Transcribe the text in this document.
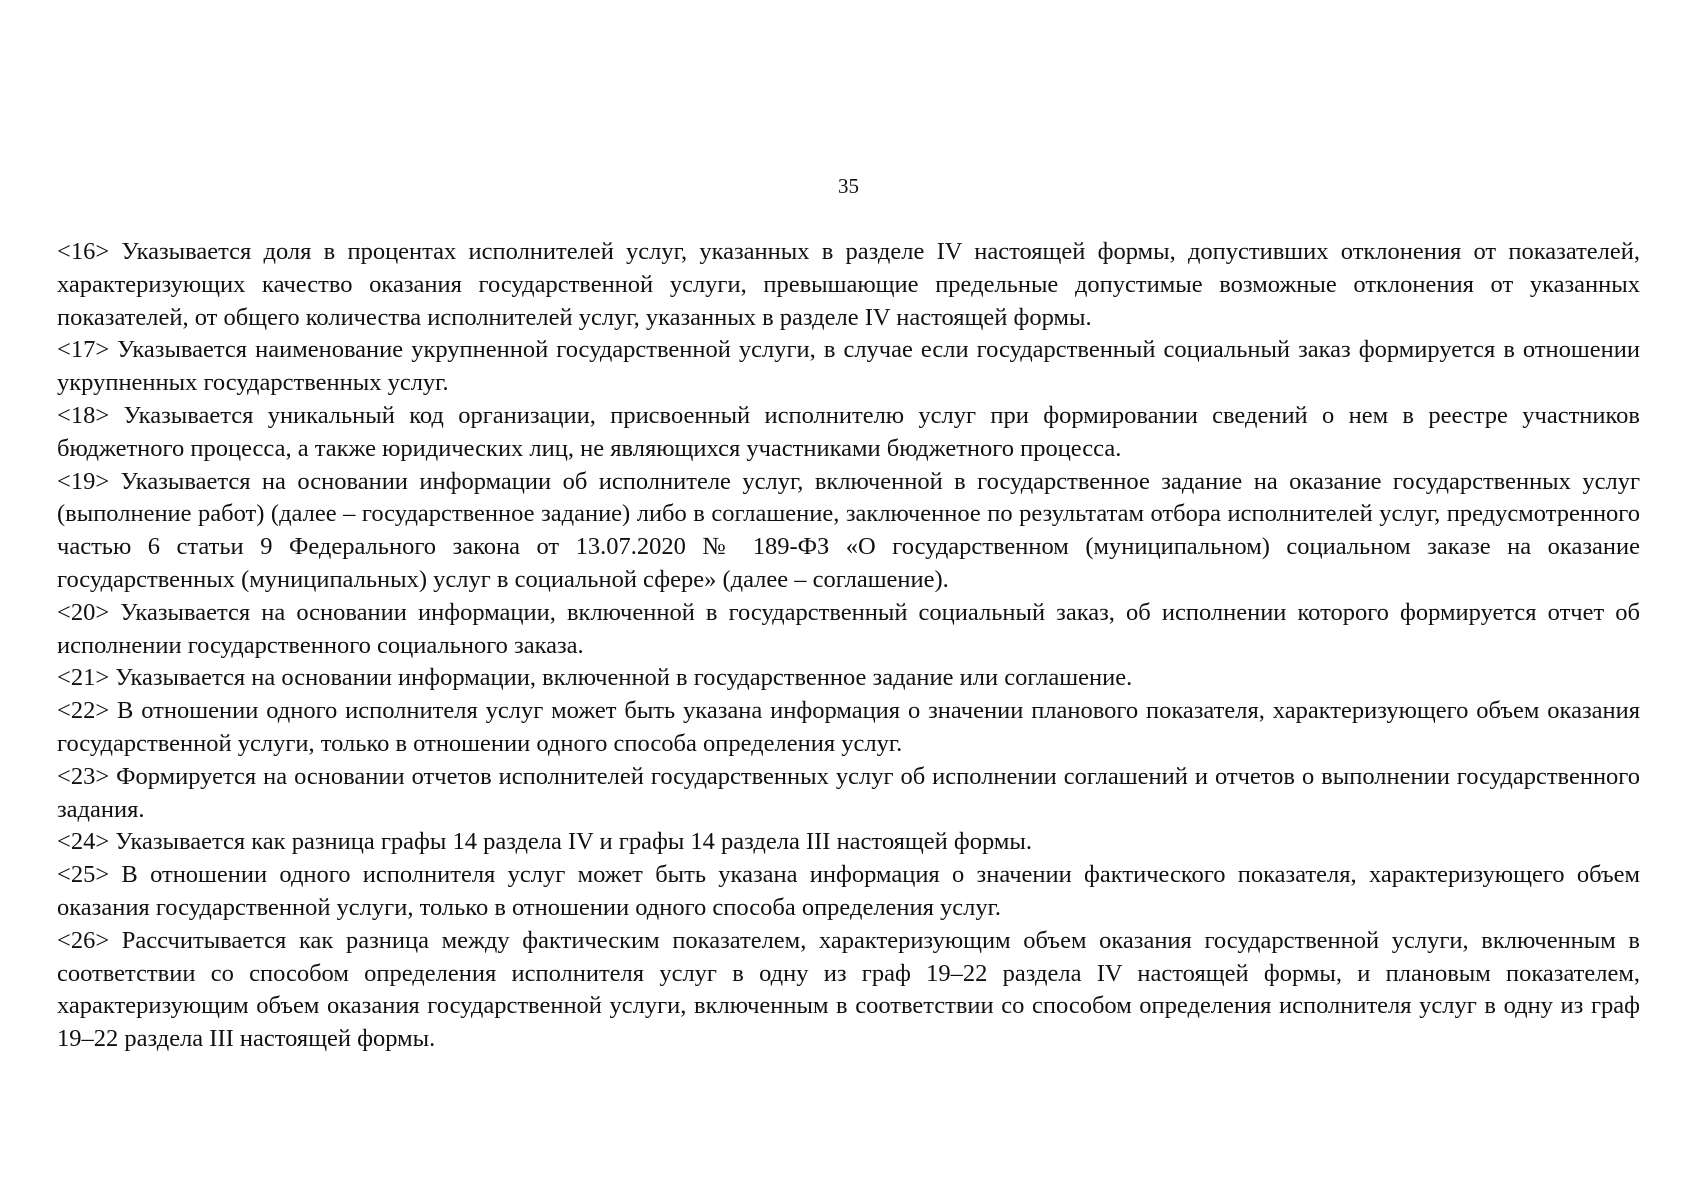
35

<16> Указывается доля в процентах исполнителей услуг, указанных в разделе IV настоящей формы, допустивших отклонения от показателей, характеризующих качество оказания государственной услуги, превышающие предельные допустимые возможные отклонения от указанных показателей, от общего количества исполнителей услуг, указанных в разделе IV настоящей формы.

<17> Указывается наименование укрупненной государственной услуги, в случае если государственный социальный заказ формируется в отношении укрупненных государственных услуг.

<18> Указывается уникальный код организации, присвоенный исполнителю услуг при формировании сведений о нем в реестре участников бюджетного процесса, а также юридических лиц, не являющихся участниками бюджетного процесса.

<19> Указывается на основании информации об исполнителе услуг, включенной в государственное задание на оказание государственных услуг (выполнение работ) (далее – государственное задание) либо в соглашение, заключенное по результатам отбора исполнителей услуг, предусмотренного частью 6 статьи 9 Федерального закона от 13.07.2020 № 189-ФЗ «О государственном (муниципальном) социальном заказе на оказание государственных (муниципальных) услуг в социальной сфере» (далее – соглашение).

<20> Указывается на основании информации, включенной в государственный социальный заказ, об исполнении которого формируется отчет об исполнении государственного социального заказа.

<21> Указывается на основании информации, включенной в государственное задание или соглашение.

<22> В отношении одного исполнителя услуг может быть указана информация о значении планового показателя, характеризующего объем оказания государственной услуги, только в отношении одного способа определения услуг.

<23> Формируется на основании отчетов исполнителей государственных услуг об исполнении соглашений и отчетов о выполнении государственного задания.

<24> Указывается как разница графы 14 раздела IV и графы 14 раздела III настоящей формы.

<25> В отношении одного исполнителя услуг может быть указана информация о значении фактического показателя, характеризующего объем оказания государственной услуги, только в отношении одного способа определения услуг.

<26> Рассчитывается как разница между фактическим показателем, характеризующим объем оказания государственной услуги, включенным в соответствии со способом определения исполнителя услуг в одну из граф 19–22 раздела IV настоящей формы, и плановым показателем, характеризующим объем оказания государственной услуги, включенным в соответствии со способом определения исполнителя услуг в одну из граф 19–22 раздела III настоящей формы.
